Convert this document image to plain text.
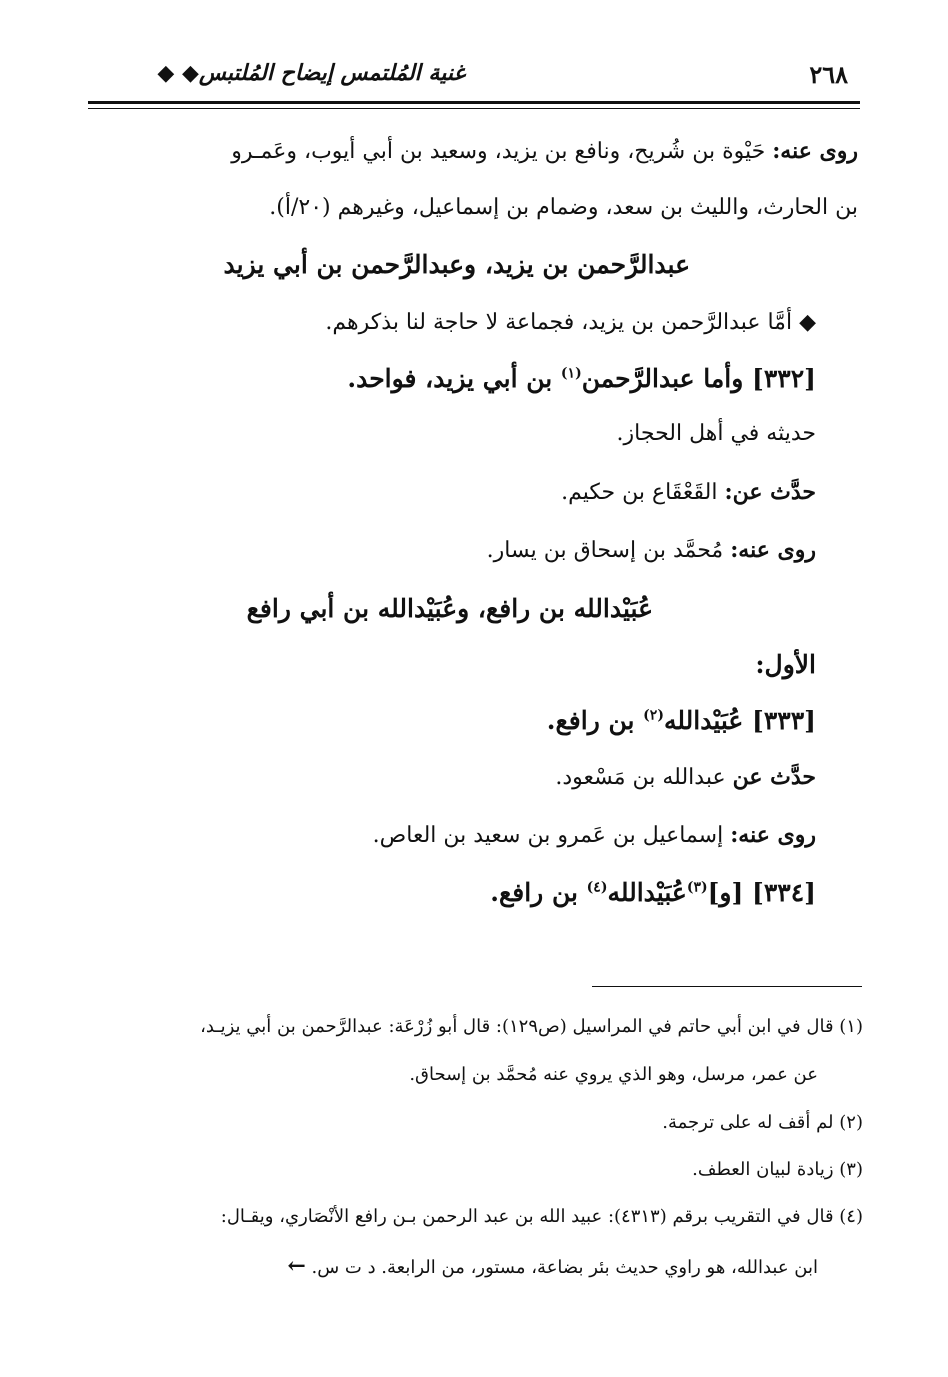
٢٦٨
غنية المُلتمس إيضاح المُلتبس◆ ◆
روى عنه: حَيْوة بن شُريح، ونافع بن يزيد، وسعيد بن أبي أيوب، وعَمـرو
بن الحارث، والليث بن سعد، وضمام بن إسماعيل، وغيرهم (٢٠/أ).
عبدالرَّحمن بن يزيد، وعبدالرَّحمن بن أبي يزيد
◆ أمَّا عبدالرَّحمن بن يزيد، فجماعة لا حاجة لنا بذكرهم.
[٣٣٢] وأما عبدالرَّحمن$^{(١)}$ بن أبي يزيد، فواحد.
حديثه في أهل الحجاز.
حدَّث عن: القَعْقَاع بن حكيم.
روى عنه: مُحمَّد بن إسحاق بن يسار.
عُبَيْدالله بن رافع، وعُبَيْدالله بن أبي رافع
الأول:
[٣٣٣] عُبَيْدالله$^{(٢)}$ بن رافع.
حدَّث عن عبدالله بن مَسْعود.
روى عنه: إسماعيل بن عَمرو بن سعيد بن العاص.
[٣٣٤] [و]$^{(٣)}$عُبَيْدالله$^{(٤)}$ بن رافع.
(١) قال في ابن أبي حاتم في المراسيل (ص١٢٩): قال أبو زُرْعَة: عبدالرَّحمن بن أبي يزيـد،
عن عمر، مرسل، وهو الذي يروي عنه مُحمَّد بن إسحاق.
(٢) لم أقف له على ترجمة.
(٣) زيادة لبيان العطف.
(٤) قال في التقريب برقم (٤٣١٣): عبيد الله بن عبد الرحمن بـن رافع الأنْصَاري، ويقـال:
ابن عبدالله، هو راوي حديث بئر بضاعة، مستور، من الرابعة. د ت س. ←
